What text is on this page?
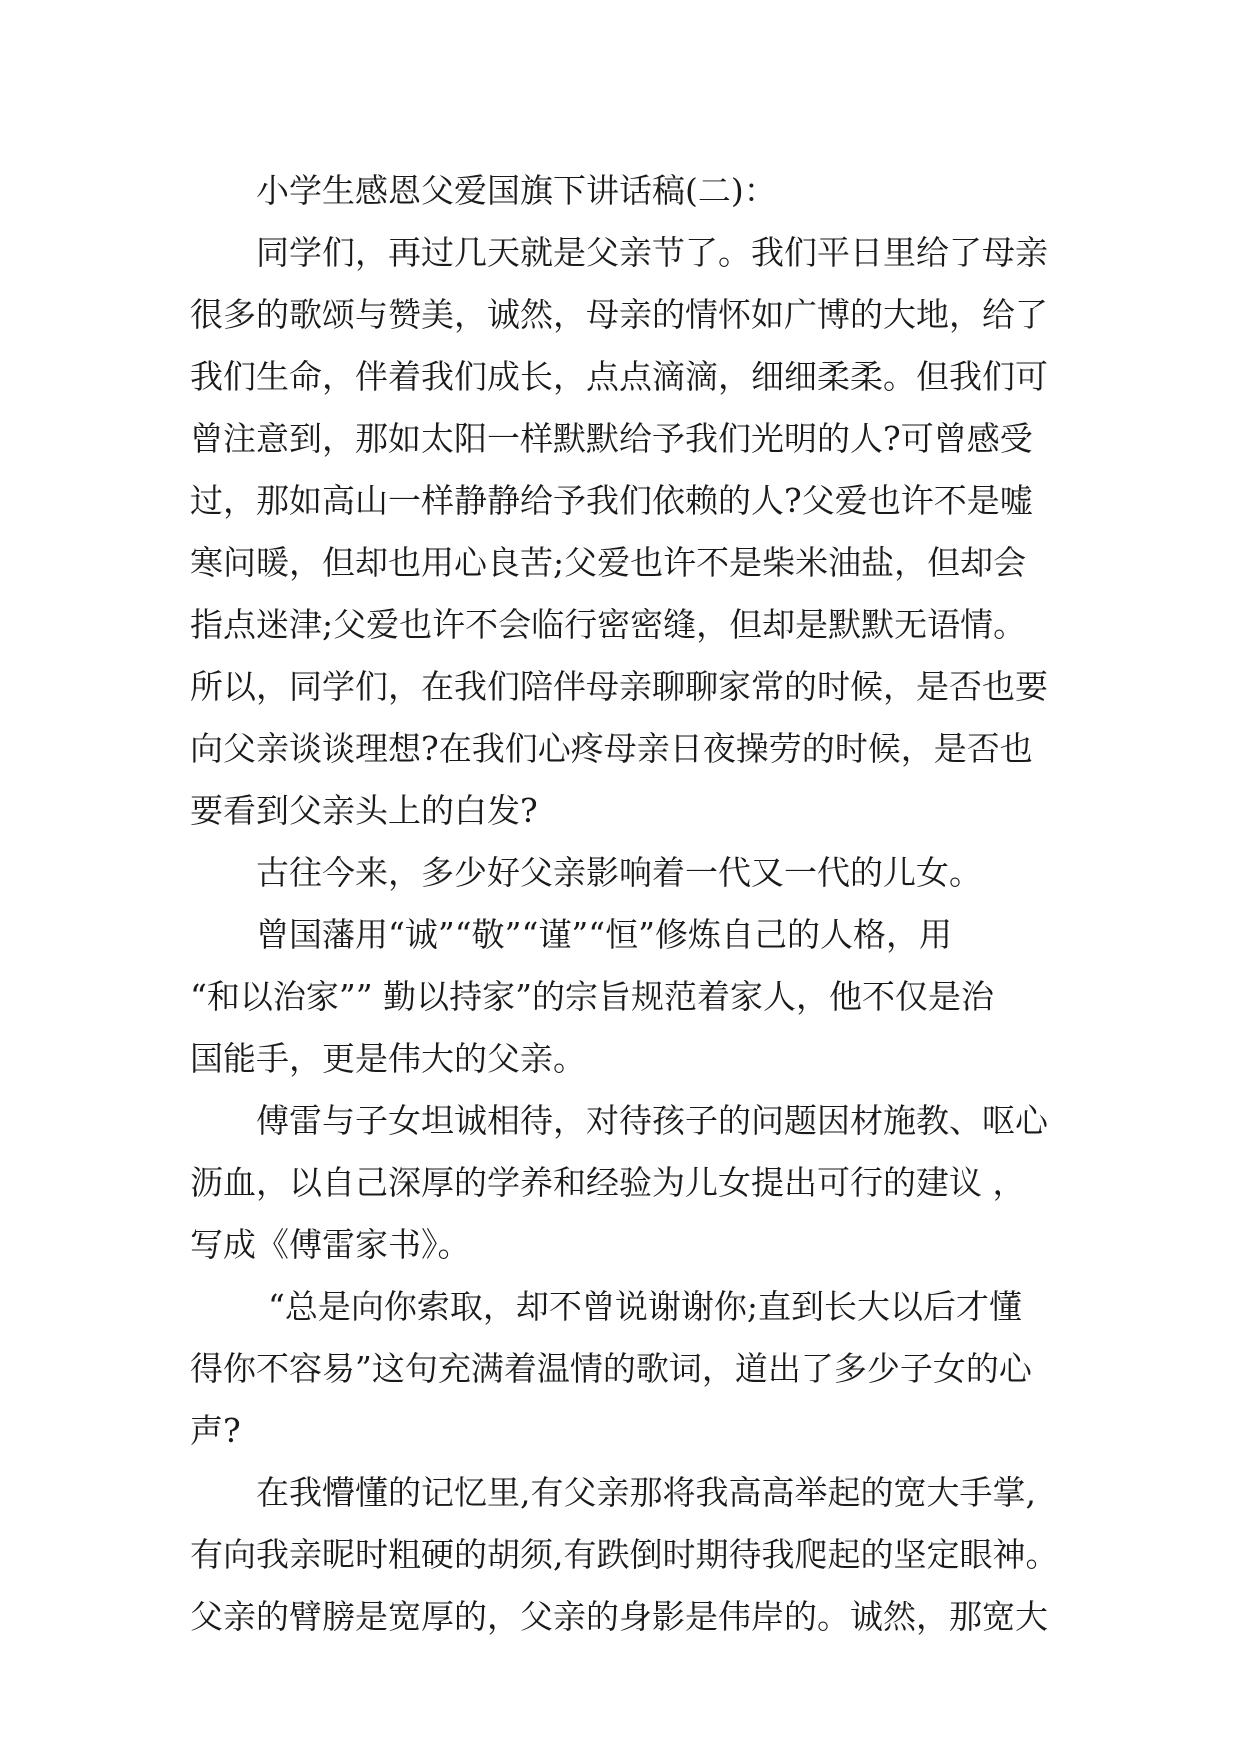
小学生感恩父爱国旗下讲话稿(二)：
同学们，再过几天就是父亲节了。我们平日里给了母亲
很多的歌颂与赞美，诚然，母亲的情怀如广博的大地，给了
我们生命，伴着我们成长，点点滴滴，细细柔柔。但我们可
曾注意到，那如太阳一样默默给予我们光明的人?可曾感受
过，那如高山一样静静给予我们依赖的人?父爱也许不是嘘
寒问暖，但却也用心良苦;父爱也许不是柴米油盐，但却会
指点迷津;父爱也许不会临行密密缝，但却是默默无语情。
所以，同学们，在我们陪伴母亲聊聊家常的时候，是否也要
向父亲谈谈理想?在我们心疼母亲日夜操劳的时候，是否也
要看到父亲头上的白发?
古往今来，多少好父亲影响着一代又一代的儿女。
曾国藩用“诚”“敬”“谨”“恒”修炼自己的人格，用
“和以治家”” 勤以持家”的宗旨规范着家人，他不仅是治
国能手，更是伟大的父亲。
傅雷与子女坦诚相待，对待孩子的问题因材施教、呕心
沥血，以自己深厚的学养和经验为儿女提出可行的建议 ，
写成《傅雷家书》。
“总是向你索取，却不曾说谢谢你;直到长大以后才懂
得你不容易”这句充满着温情的歌词，道出了多少子女的心
声?
在我懵懂的记忆里,有父亲那将我高高举起的宽大手掌,
有向我亲昵时粗硬的胡须,有跌倒时期待我爬起的坚定眼神。
父亲的臂膀是宽厚的，父亲的身影是伟岸的。诚然，那宽大
